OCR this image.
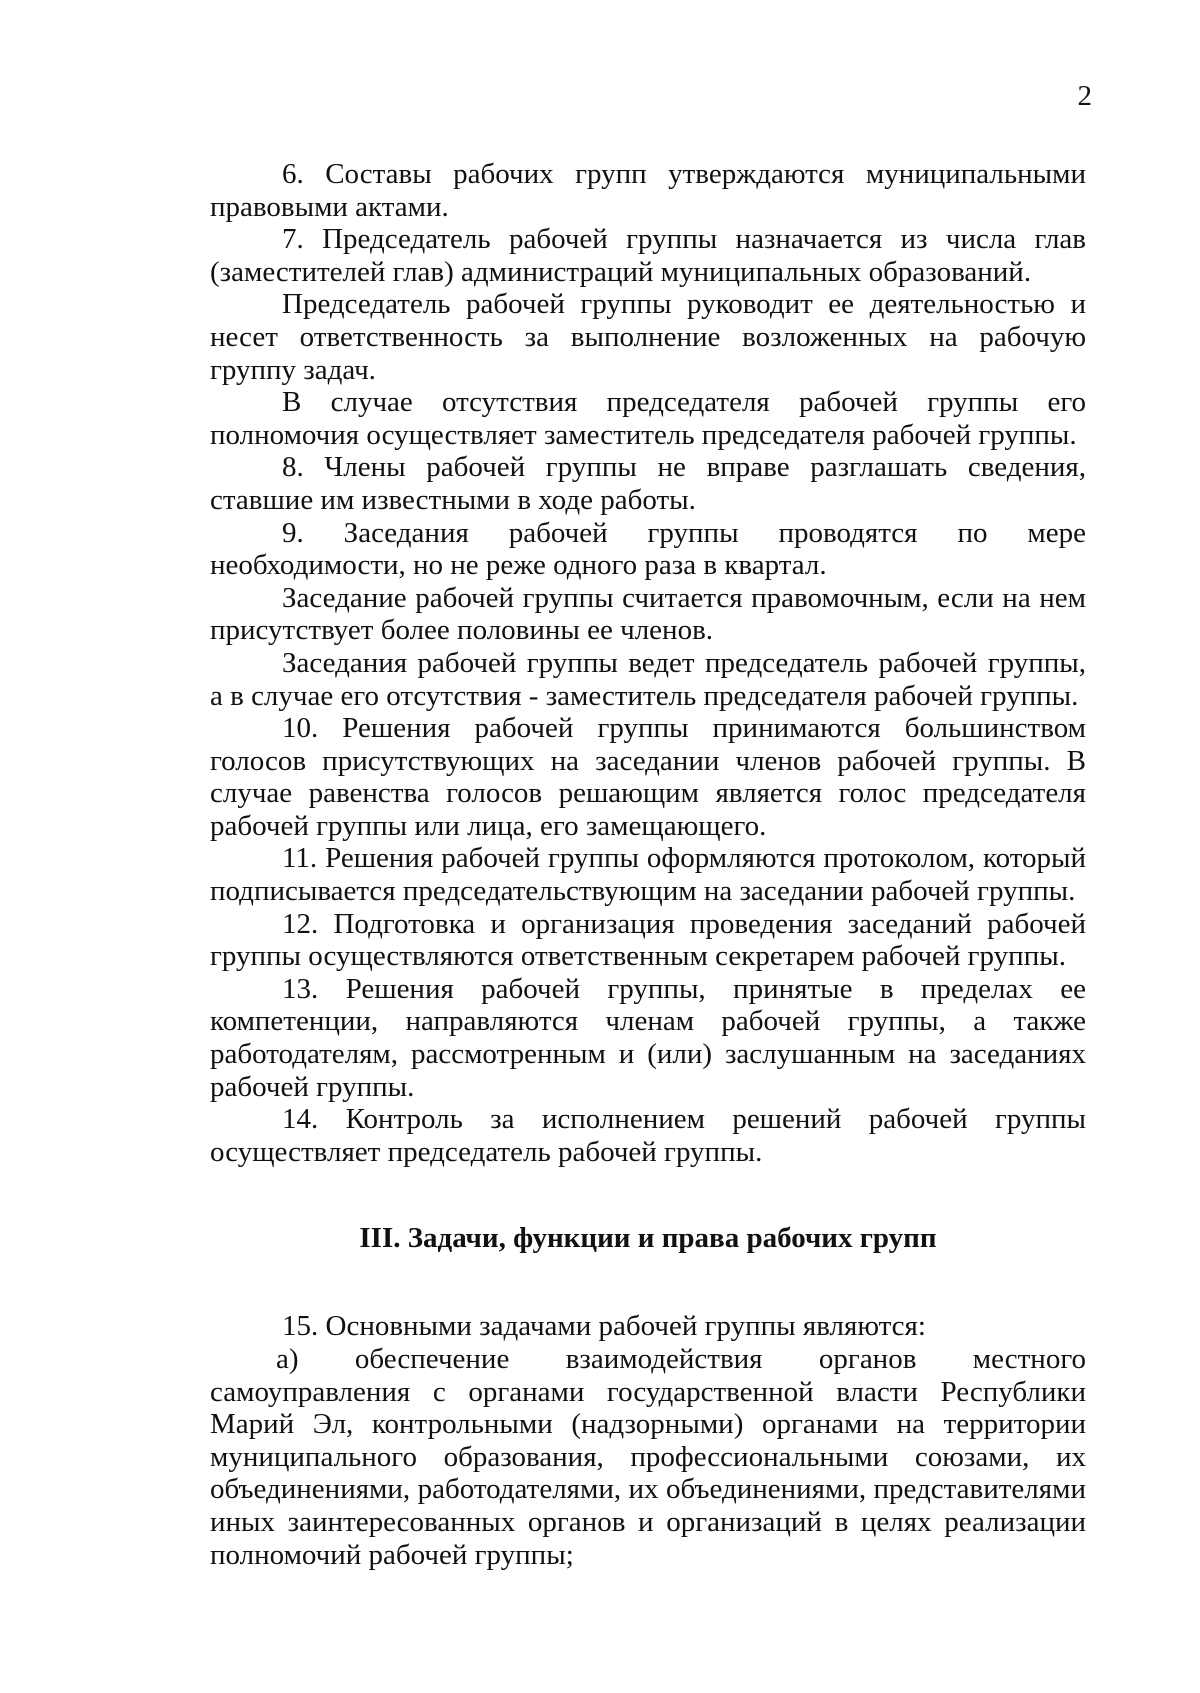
2

6. Составы рабочих групп утверждаются муниципальными правовыми актами.

7. Председатель рабочей группы назначается из числа глав (заместителей глав) администраций муниципальных образований.

Председатель рабочей группы руководит ее деятельностью и несет ответственность за выполнение возложенных на рабочую группу задач.

В случае отсутствия председателя рабочей группы его полномочия осуществляет заместитель председателя рабочей группы.

8. Члены рабочей группы не вправе разглашать сведения, ставшие им известными в ходе работы.

9. Заседания рабочей группы проводятся по мере необходимости, но не реже одного раза в квартал.

Заседание рабочей группы считается правомочным, если на нем присутствует более половины ее членов.

Заседания рабочей группы ведет председатель рабочей группы, а в случае его отсутствия - заместитель председателя рабочей группы.

10. Решения рабочей группы принимаются большинством голосов присутствующих на заседании членов рабочей группы. В случае равенства голосов решающим является голос председателя рабочей группы или лица, его замещающего.

11. Решения рабочей группы оформляются протоколом, который подписывается председательствующим на заседании рабочей группы.

12. Подготовка и организация проведения заседаний рабочей группы осуществляются ответственным секретарем рабочей группы.

13. Решения рабочей группы, принятые в пределах ее компетенции, направляются членам рабочей группы, а также работодателям, рассмотренным и (или) заслушанным на заседаниях рабочей группы.

14. Контроль за исполнением решений рабочей группы осуществляет председатель рабочей группы.

III. Задачи, функции и права рабочих групп

15. Основными задачами рабочей группы являются:

а) обеспечение взаимодействия органов местного самоуправления с органами государственной власти Республики Марий Эл, контрольными (надзорными) органами на территории муниципального образования, профессиональными союзами, их объединениями, работодателями, их объединениями, представителями иных заинтересованных органов и организаций в целях реализации полномочий рабочей группы;
